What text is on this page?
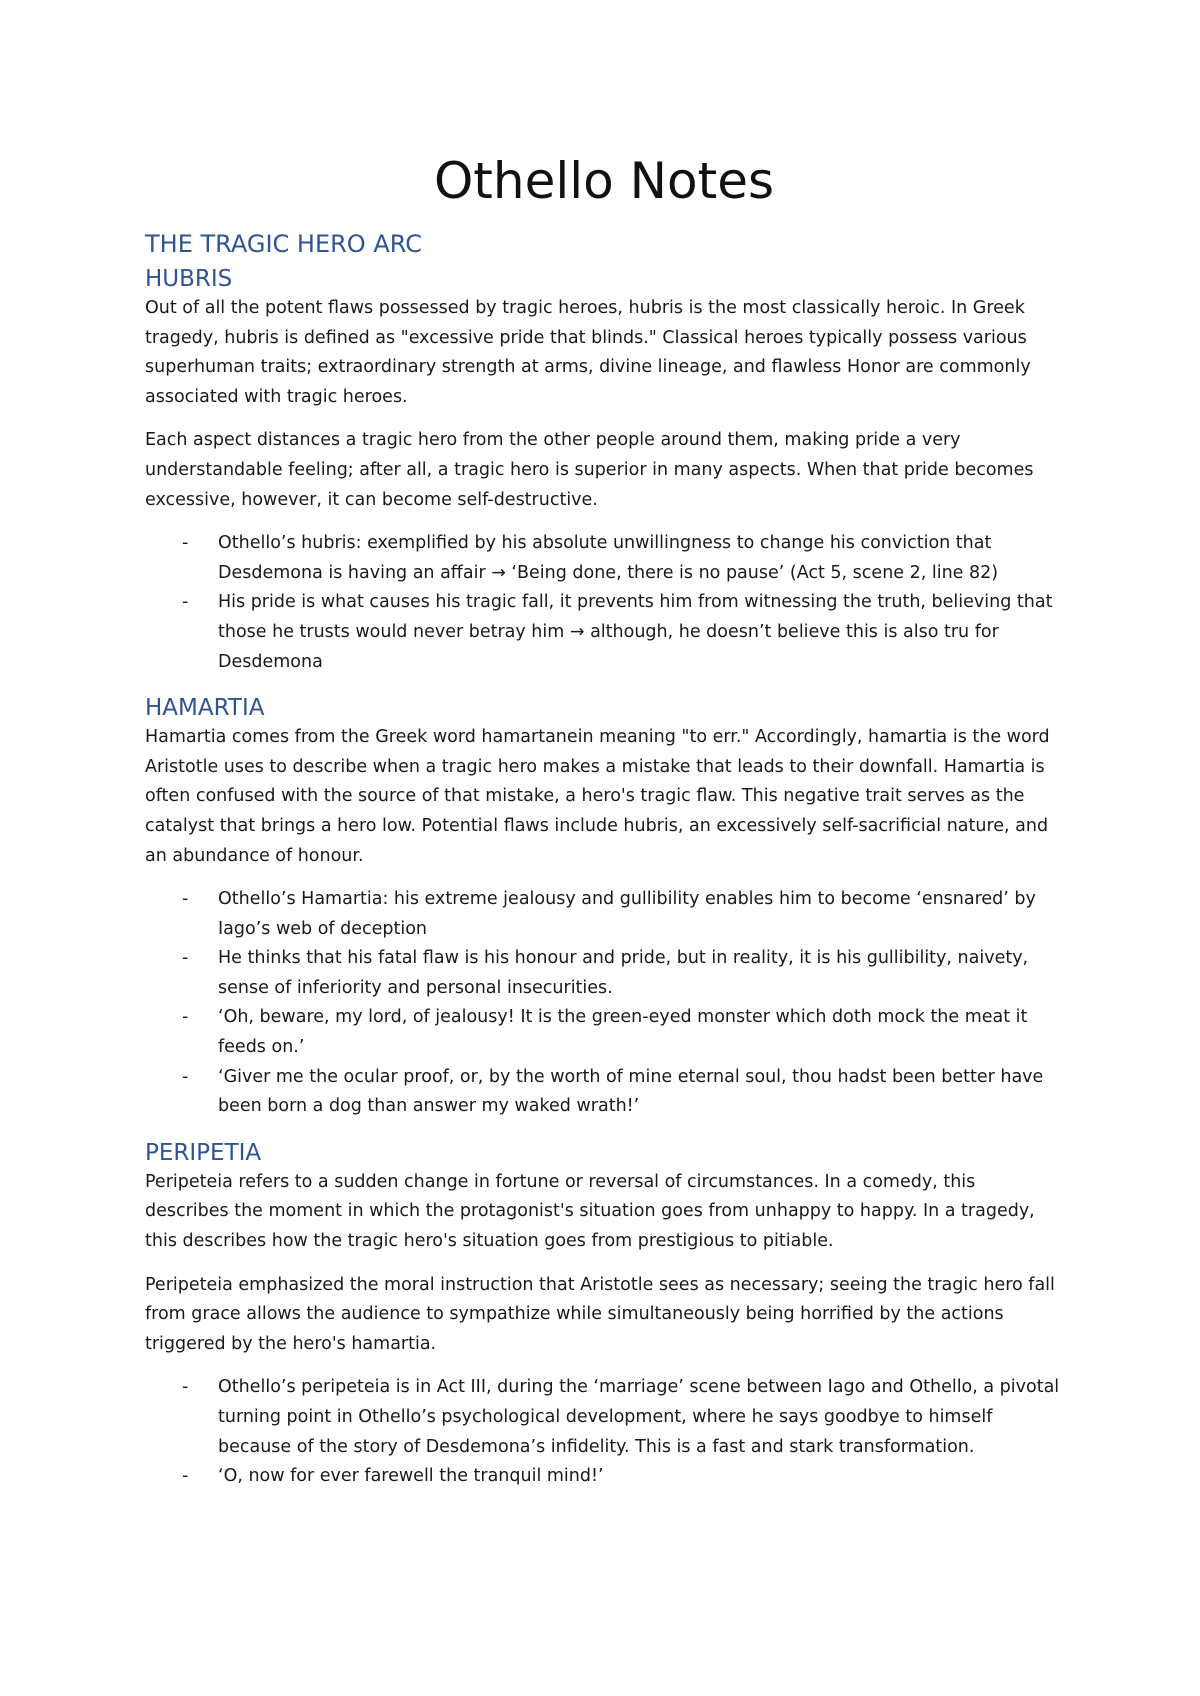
Othello Notes
THE TRAGIC HERO ARC
HUBRIS

Out of all the potent flaws possessed by tragic heroes, hubris is the most classically heroic. In Greek tragedy, hubris is defined as "excessive pride that blinds." Classical heroes typically possess various superhuman traits; extraordinary strength at arms, divine lineage, and flawless Honor are commonly associated with tragic heroes.

Each aspect distances a tragic hero from the other people around them, making pride a very understandable feeling; after all, a tragic hero is superior in many aspects. When that pride becomes excessive, however, it can become self-destructive.

- Othello’s hubris: exemplified by his absolute unwillingness to change his conviction that Desdemona is having an affair → ‘Being done, there is no pause’ (Act 5, scene 2, line 82)
- His pride is what causes his tragic fall, it prevents him from witnessing the truth, believing that those he trusts would never betray him → although, he doesn’t believe this is also tru for Desdemona
HAMARTIA

Hamartia comes from the Greek word hamartanein meaning "to err." Accordingly, hamartia is the word Aristotle uses to describe when a tragic hero makes a mistake that leads to their downfall. Hamartia is often confused with the source of that mistake, a hero's tragic flaw. This negative trait serves as the catalyst that brings a hero low. Potential flaws include hubris, an excessively self-sacrificial nature, and an abundance of honour.

- Othello’s Hamartia: his extreme jealousy and gullibility enables him to become ‘ensnared’ by Iago’s web of deception
- He thinks that his fatal flaw is his honour and pride, but in reality, it is his gullibility, naivety, sense of inferiority and personal insecurities.
- ‘Oh, beware, my lord, of jealousy! It is the green-eyed monster which doth mock the meat it feeds on.’
- ‘Giver me the ocular proof, or, by the worth of mine eternal soul, thou hadst been better have been born a dog than answer my waked wrath!’
PERIPETIA

Peripeteia refers to a sudden change in fortune or reversal of circumstances. In a comedy, this describes the moment in which the protagonist's situation goes from unhappy to happy. In a tragedy, this describes how the tragic hero's situation goes from prestigious to pitiable.

Peripeteia emphasized the moral instruction that Aristotle sees as necessary; seeing the tragic hero fall from grace allows the audience to sympathize while simultaneously being horrified by the actions triggered by the hero's hamartia.

- Othello’s peripeteia is in Act III, during the ‘marriage’ scene between Iago and Othello, a pivotal turning point in Othello’s psychological development, where he says goodbye to himself because of the story of Desdemona’s infidelity. This is a fast and stark transformation.
- ‘O, now for ever farewell the tranquil mind!’
